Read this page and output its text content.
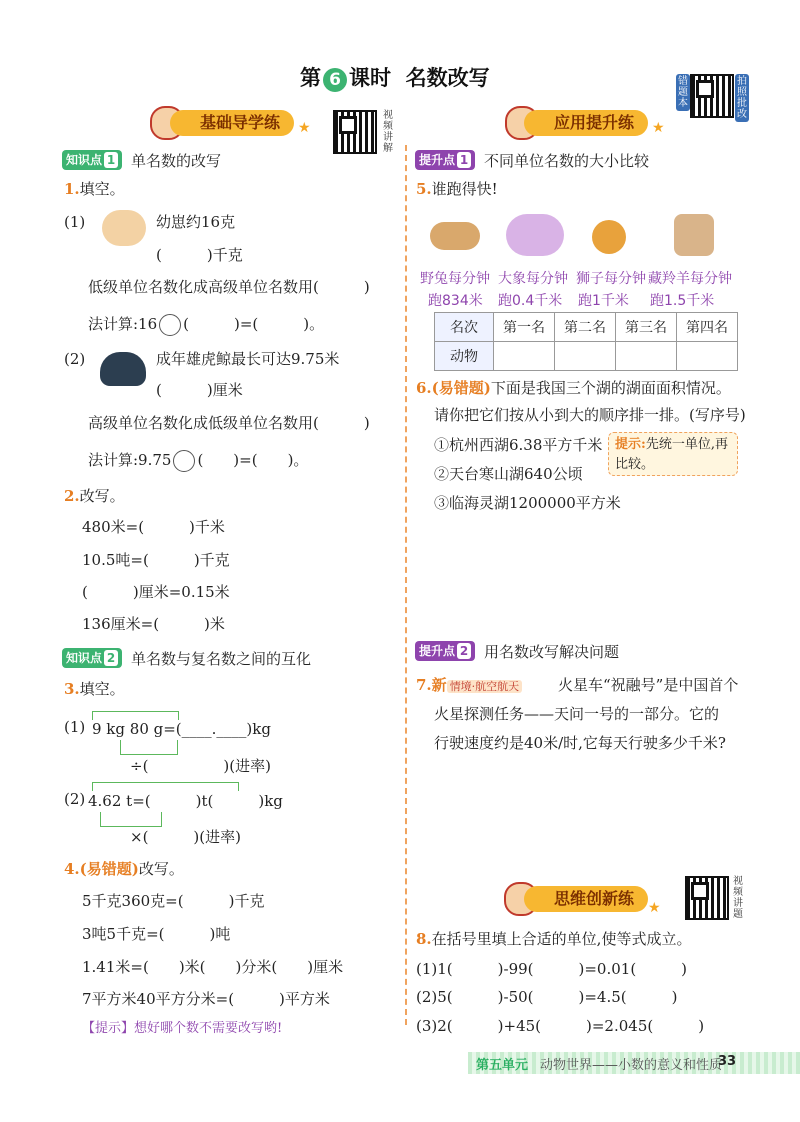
第 6 课时 名数改写	错题本
拍照批改
基础导学练	★
视频讲解
知识点 1	单名数的改写
1.填空。
(1)	幼崽约16克
(　　　)千克
低级单位名数化成高级单位名数用(　　　)
法计算:16 (　　　)=(　　　)。
(2)	成年雄虎鲸最长可达9.75米
(　　　)厘米
高级单位名数化成低级单位名数用(　　　)
法计算:9.75 (　　)=(　　)。
2.改写。
480米=(　　　)千米
10.5吨=(　　　)千克
(　　　)厘米=0.15米
136厘米=(　　　)米
知识点 2	单名数与复名数之间的互化
3.填空。
(1) 9 kg 80 g=(____.____)kg
÷(　　　　　)(进率)
(2) 4.62 t=(　　　)t(　　　)kg
×(　　　)(进率)
4.(易错题)改写。
5千克360克=(　　　)千克
3吨5千克=(　　　)吨
1.41米=(　　)米(　　)分米(　　)厘米
7平方米40平方分米=(　　　)平方米
【提示】想好哪个数不需要改写哟!
应用提升练	★
提升点 1	不同单位名数的大小比较
5.谁跑得快!
野兔每分钟
跑834米
大象每分钟
跑0.4千米
狮子每分钟
跑1千米
藏羚羊每分钟
跑1.5千米
名次	第一名	第二名	第三名	第四名
动物				
6.(易错题)下面是我国三个湖的湖面面积情况。
请你把它们按从小到大的顺序排一排。(写序号)
①杭州西湖6.38平方千米
②天台寒山湖640公顷
③临海灵湖1200000平方米
提示:先统一单位,再比较。
提升点 2	用名数改写解决问题
7.新 情境·航空航天	火星车“祝融号”是中国首个
火星探测任务——天问一号的一部分。它的
行驶速度约是40米/时,它每天行驶多少千米?
思维创新练 ★
视频讲题
8.在括号里填上合适的单位,使等式成立。
(1)1(　　　)-99(　　　)=0.01(　　　)
(2)5(　　　)-50(　　　)=4.5(　　　)
(3)2(　　　)+45(　　　)=2.045(　　　)
第五单元 动物世界——小数的意义和性质
33
